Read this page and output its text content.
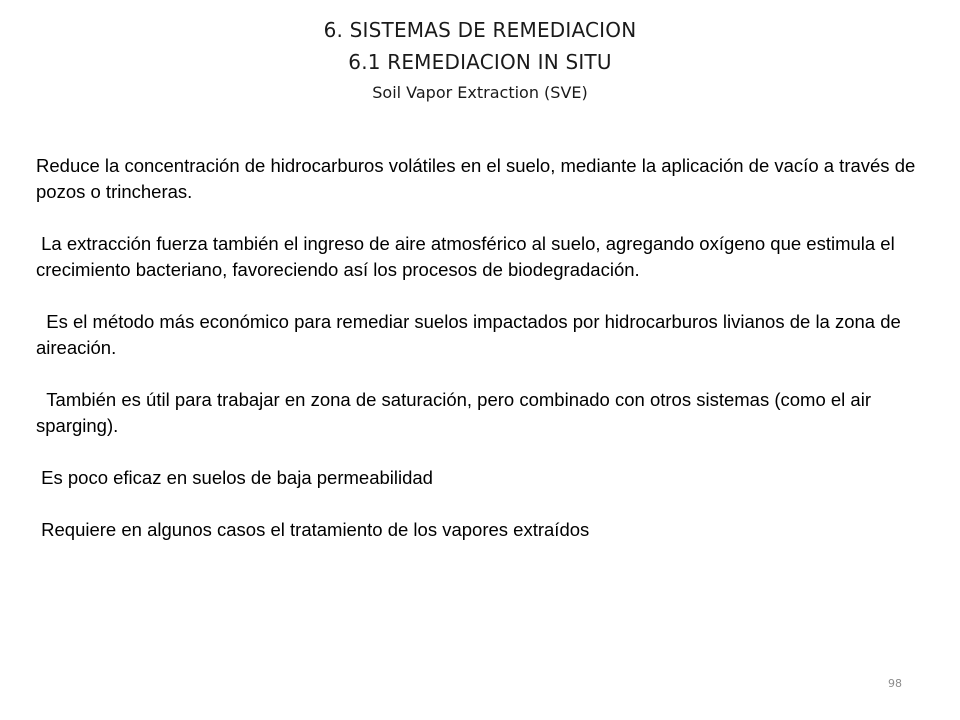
6. SISTEMAS DE REMEDIACION
6.1 REMEDIACION IN SITU
Soil Vapor Extraction (SVE)

Reduce la concentración de hidrocarburos volátiles en el suelo, mediante la aplicación de vacío a través de pozos o trincheras.

La extracción fuerza también el ingreso de aire atmosférico al suelo, agregando oxígeno que estimula el crecimiento bacteriano, favoreciendo así los procesos de biodegradación.

Es el método más económico para remediar suelos impactados por hidrocarburos livianos de la zona de aireación.

También es útil para trabajar en zona de saturación, pero combinado con otros sistemas (como el air sparging).

Es poco eficaz en suelos de baja permeabilidad

Requiere en algunos casos el tratamiento de los vapores extraídos

98
